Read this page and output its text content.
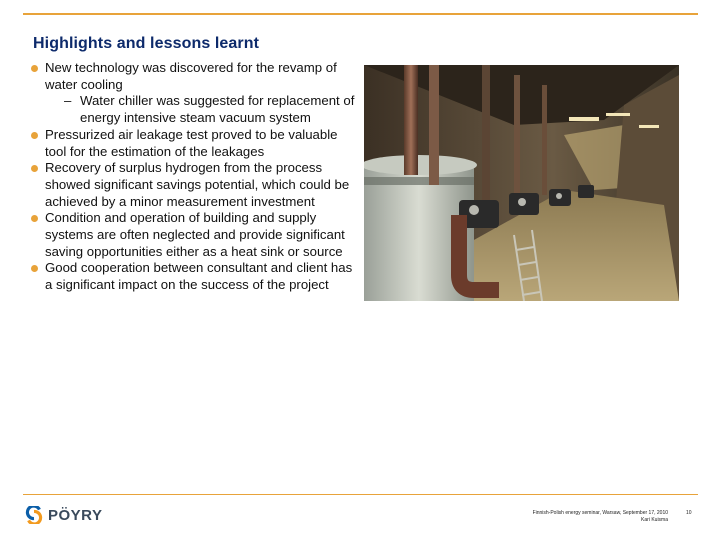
Highlights and lessons learnt
New technology was discovered for the revamp of water cooling
– Water chiller was suggested for replacement of energy intensive steam vacuum system
Pressurized air leakage test proved to be valuable tool for the estimation of the leakages
Recovery of surplus hydrogen from the process showed significant savings potential, which could be achieved by a minor measurement investment
Condition and operation of building and supply systems are often neglected and provide significant saving opportunities either as a heat sink or source
Good cooperation between consultant and client has a significant impact on the success of the project
PÖYRY	Finnish-Polish energy seminar, Warsaw, September 17, 2010
Kari Kuisma
10
